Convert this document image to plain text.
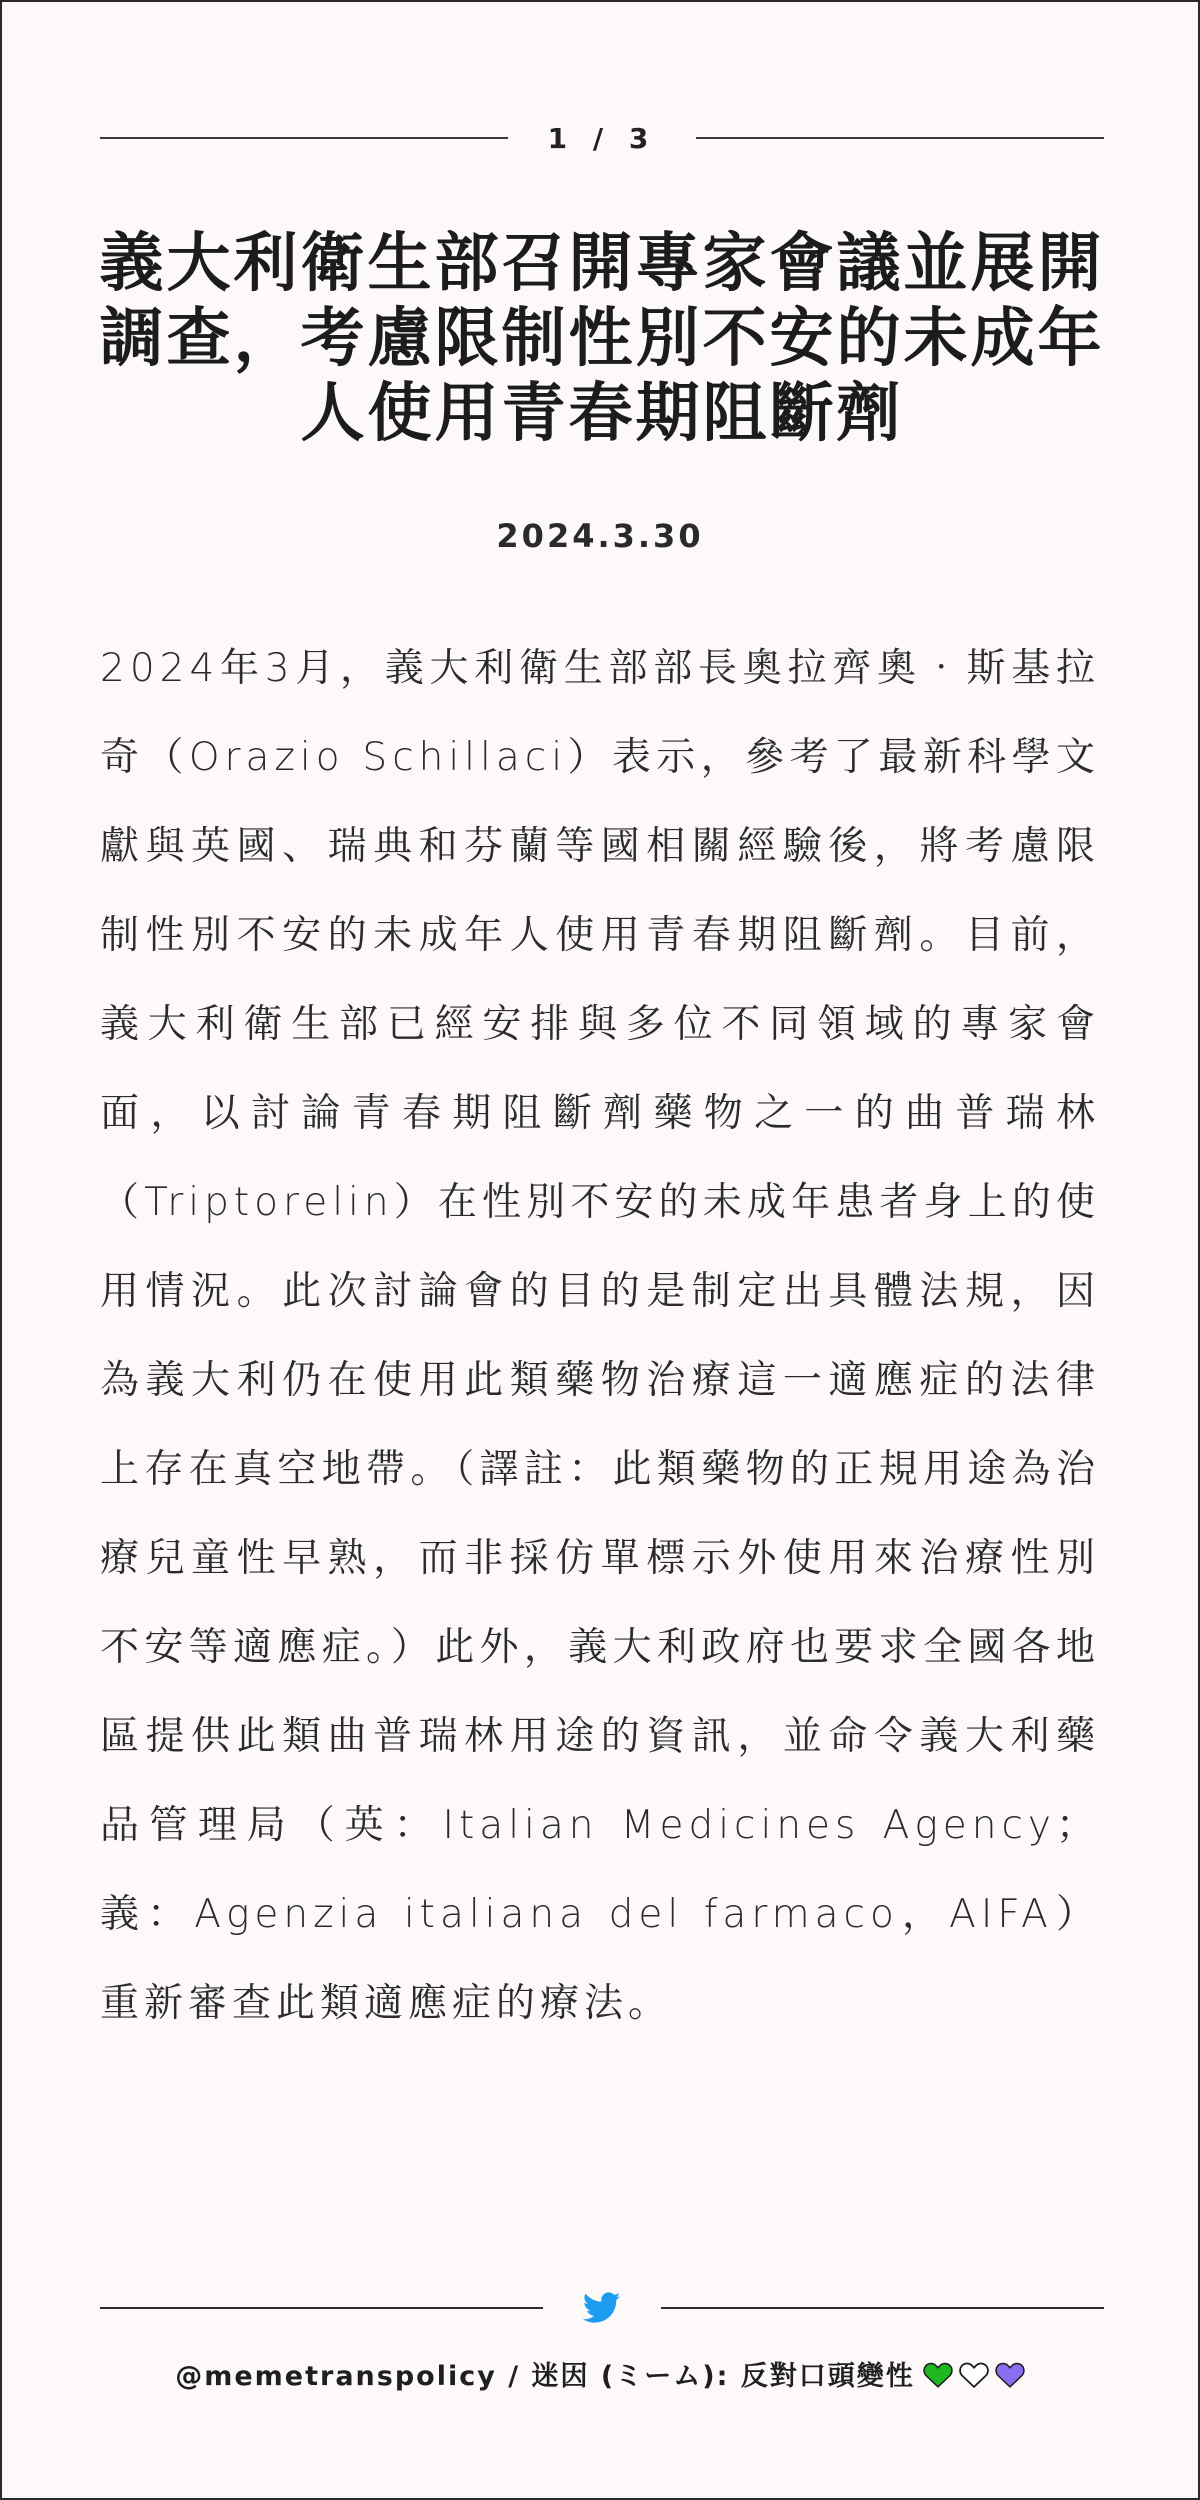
1 / 3
義大利衛生部召開專家會議並展開調查，考慮限制性別不安的未成年人使用青春期阻斷劑
2024.3.30

2024年3月，義大利衛生部部長奧拉齊奧‧斯基拉奇（Orazio Schillaci）表示，參考了最新科學文獻與英國、瑞典和芬蘭等國相關經驗後，將考慮限制性別不安的未成年人使用青春期阻斷劑。目前，義大利衛生部已經安排與多位不同領域的專家會面，以討論青春期阻斷劑藥物之一的曲普瑞林（Triptorelin）在性別不安的未成年患者身上的使用情況。此次討論會的目的是制定出具體法規，因為義大利仍在使用此類藥物治療這一適應症的法律上存在真空地帶。（譯註：此類藥物的正規用途為治療兒童性早熟，而非採仿單標示外使用來治療性別不安等適應症。）此外，義大利政府也要求全國各地區提供此類曲普瑞林用途的資訊，並命令義大利藥品管理局（英：Italian Medicines Agency；義：Agenzia italiana del farmaco，AIFA）重新審查此類適應症的療法。

@memetranspolicy / 迷因 (ミーム): 反對口頭變性
